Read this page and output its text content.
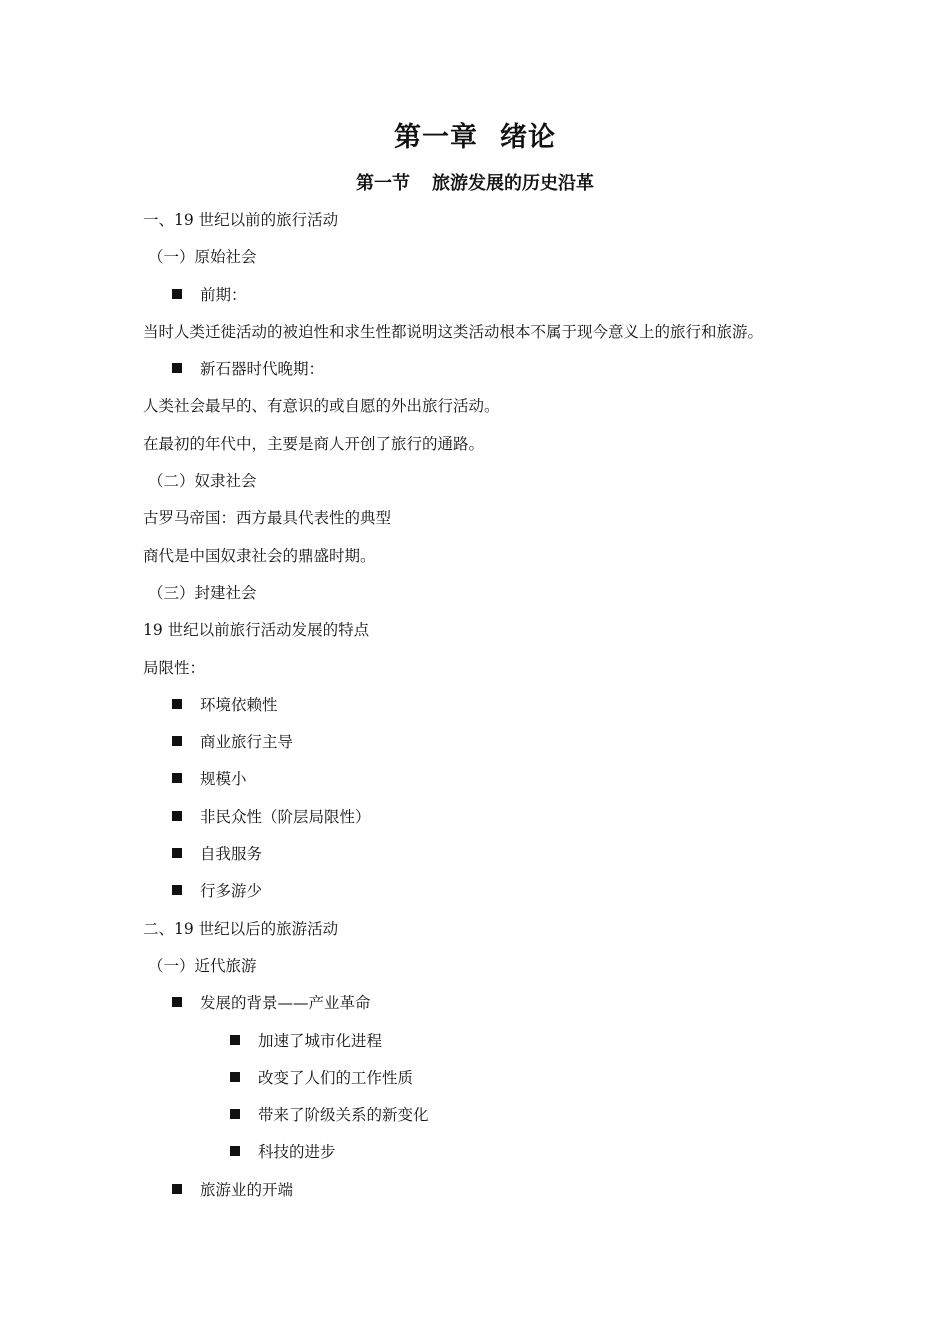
第一章 绪论
第一节 旅游发展的历史沿革
一、19 世纪以前的旅行活动
（一）原始社会
前期：
当时人类迁徙活动的被迫性和求生性都说明这类活动根本不属于现今意义上的旅行和旅游。
新石器时代晚期：
人类社会最早的、有意识的或自愿的外出旅行活动。
在最初的年代中，主要是商人开创了旅行的通路。
（二）奴隶社会
古罗马帝国：西方最具代表性的典型
商代是中国奴隶社会的鼎盛时期。
（三）封建社会
19 世纪以前旅行活动发展的特点
局限性：
环境依赖性
商业旅行主导
规模小
非民众性（阶层局限性）
自我服务
行多游少
二、19 世纪以后的旅游活动
（一）近代旅游
发展的背景——产业革命
加速了城市化进程
改变了人们的工作性质
带来了阶级关系的新变化
科技的进步
旅游业的开端
